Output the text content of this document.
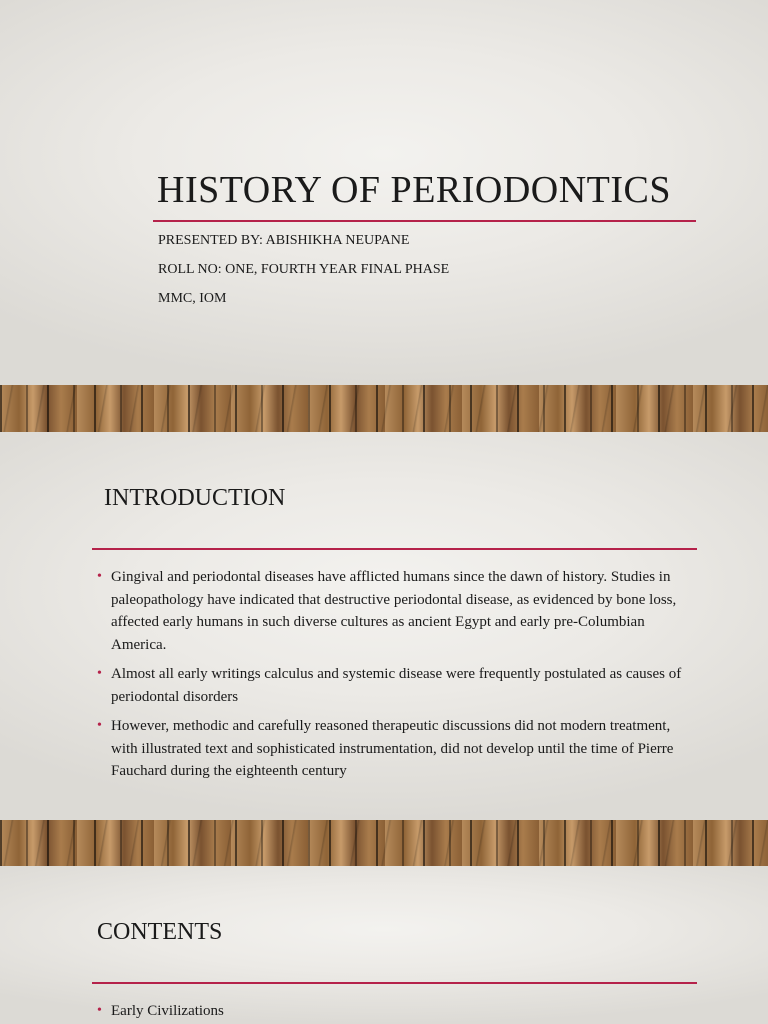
HISTORY OF PERIODONTICS

PRESENTED BY: ABISHIKHA NEUPANE

ROLL NO: ONE, FOURTH YEAR FINAL PHASE

MMC, IOM

INTRODUCTION
• Gingival and periodontal diseases have afflicted humans since the dawn of history. Studies in paleopathology have indicated that destructive periodontal disease, as evidenced by bone loss, affected early humans in such diverse cultures as ancient Egypt and early pre-Columbian America.
• Almost all early writings calculus and systemic disease were frequently postulated as causes of periodontal disorders
• However, methodic and carefully reasoned therapeutic discussions did not modern treatment, with illustrated text and sophisticated instrumentation, did not develop until the time of Pierre Fauchard during the eighteenth century
CONTENTS
• Early Civilizations
